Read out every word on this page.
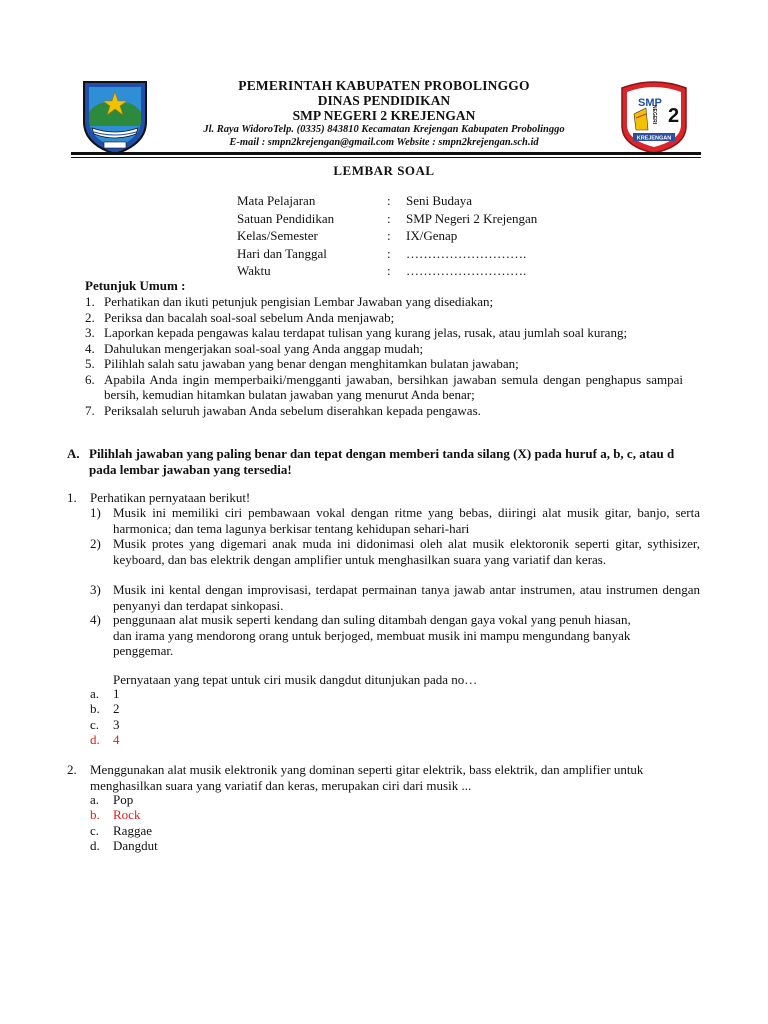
PEMERINTAH KABUPATEN PROBOLINGGO
DINAS PENDIDIKAN
SMP NEGERI 2 KREJENGAN
Jl. Raya WidoroTelp. (0335) 843810 Kecamatan Krejengan Kabupaten Probolinggo
E-mail : smpn2krejengan@gmail.com Website : smpn2krejengan.sch.id
SMP
2
NEGERI
KREJENGAN
LEMBAR SOAL
Mata Pelajaran	: Seni Budaya
Satuan Pendidikan	: SMP Negeri 2 Krejengan
Kelas/Semester	: IX/Genap
Hari dan Tanggal	: ……………………….
Waktu	: ……………………….
Petunjuk Umum :
1. Perhatikan dan ikuti petunjuk pengisian Lembar Jawaban yang disediakan;
2. Periksa dan bacalah soal-soal sebelum Anda menjawab;
3. Laporkan kepada pengawas kalau terdapat tulisan yang kurang jelas, rusak, atau jumlah soal kurang;
4. Dahulukan mengerjakan soal-soal yang Anda anggap mudah;
5. Pilihlah salah satu jawaban yang benar dengan menghitamkan bulatan jawaban;
6. Apabila Anda ingin memperbaiki/mengganti jawaban, bersihkan jawaban semula dengan penghapus sampai bersih, kemudian hitamkan bulatan jawaban yang menurut Anda benar;
7. Periksalah seluruh jawaban Anda sebelum diserahkan kepada pengawas.
A. Pilihlah jawaban yang paling benar dan tepat dengan memberi tanda silang (X) pada huruf a, b, c, atau d pada lembar jawaban yang tersedia!
1. Perhatikan pernyataan berikut!
1) Musik ini memiliki ciri pembawaan vokal dengan ritme yang bebas, diiringi alat musik gitar, banjo, serta harmonica; dan tema lagunya berkisar tentang kehidupan sehari-hari
2) Musik protes yang digemari anak muda ini didonimasi oleh alat musik elektoronik seperti gitar, sythisizer, keyboard, dan bas elektrik dengan amplifier untuk menghasilkan suara yang variatif dan keras.
3) Musik ini kental dengan improvisasi, terdapat permainan tanya jawab antar instrumen, atau instrumen dengan penyanyi dan terdapat sinkopasi.
4) penggunaan alat musik seperti kendang dan suling ditambah dengan gaya vokal yang penuh hiasan, dan irama yang mendorong orang untuk berjoged, membuat musik ini mampu mengundang banyak penggemar.
Pernyataan yang tepat untuk ciri musik dangdut ditunjukan pada no…
a. 1
b. 2
c. 3
d. 4
2. Menggunakan alat musik elektronik yang dominan seperti gitar elektrik, bass elektrik, dan amplifier untuk menghasilkan suara yang variatif dan keras, merupakan ciri dari musik ...
a. Pop
b. Rock
c. Raggae
d. Dangdut
